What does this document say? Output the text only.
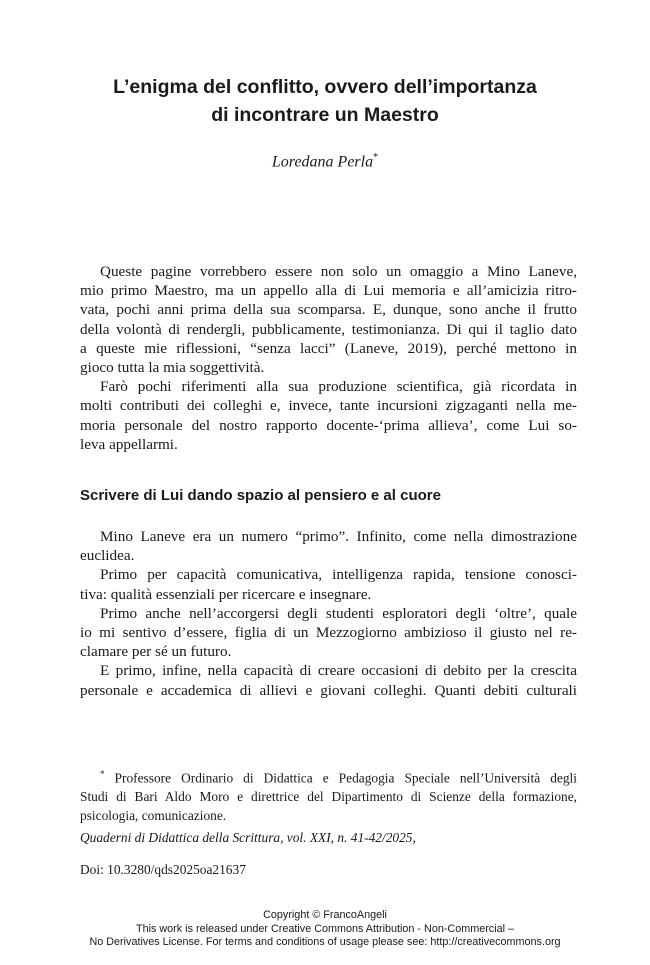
L’enigma del conflitto, ovvero dell’importanza
di incontrare un Maestro
Loredana Perla*

Queste pagine vorrebbero essere non solo un omaggio a Mino Laneve,
mio primo Maestro, ma un appello alla di Lui memoria e all’amicizia ritro-
vata, pochi anni prima della sua scomparsa. E, dunque, sono anche il frutto
della volontà di rendergli, pubblicamente, testimonianza. Di qui il taglio dato
a queste mie riflessioni, “senza lacci” (Laneve, 2019), perché mettono in
gioco tutta la mia soggettività.

Farò pochi riferimenti alla sua produzione scientifica, già ricordata in
molti contributi dei colleghi e, invece, tante incursioni zigzaganti nella me-
moria personale del nostro rapporto docente-‘prima allieva’, come Lui so-
leva appellarmi.

Scrivere di Lui dando spazio al pensiero e al cuore

Mino Laneve era un numero “primo”. Infinito, come nella dimostrazione
euclidea.

Primo per capacità comunicativa, intelligenza rapida, tensione conosci-
tiva: qualità essenziali per ricercare e insegnare.

Primo anche nell’accorgersi degli studenti esploratori degli ‘oltre’, quale
io mi sentivo d’essere, figlia di un Mezzogiorno ambizioso il giusto nel re-
clamare per sé un futuro.

E primo, infine, nella capacità di creare occasioni di debito per la crescita
personale e accademica di allievi e giovani colleghi. Quanti debiti culturali

* Professore Ordinario di Didattica e Pedagogia Speciale nell’Università degli
Studi di Bari Aldo Moro e direttrice del Dipartimento di Scienze della formazione,
psicologia, comunicazione.
Quaderni di Didattica della Scrittura, vol. XXI, n. 41-42/2025,
Doi: 10.3280/qds2025oa21637
Copyright © FrancoAngeli
This work is released under Creative Commons Attribution - Non-Commercial –
No Derivatives License. For terms and conditions of usage please see: http://creativecommons.org
